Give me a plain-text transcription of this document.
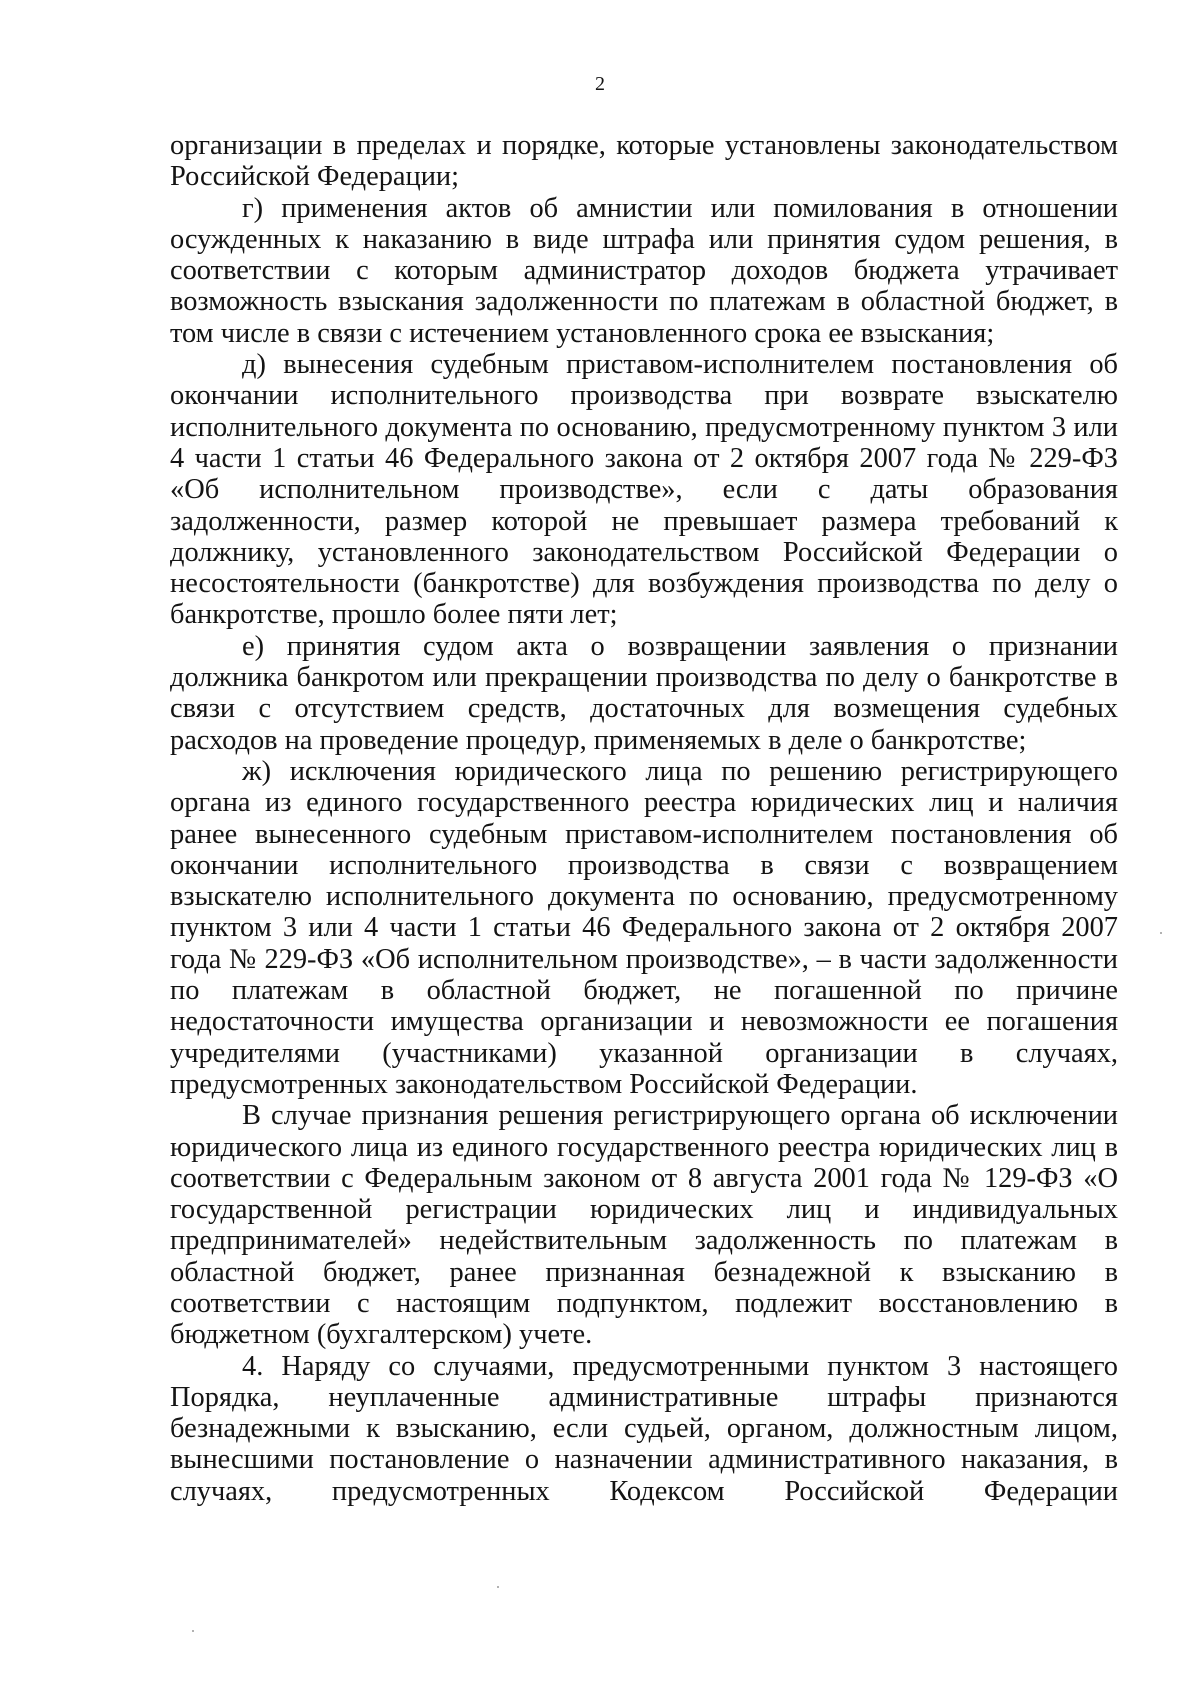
2

организации в пределах и порядке, которые установлены законодательством Российской Федерации;

г) применения актов об амнистии или помилования в отношении осужденных к наказанию в виде штрафа или принятия судом решения, в соответствии с которым администратор доходов бюджета утрачивает возможность взыскания задолженности по платежам в областной бюджет, в том числе в связи с истечением установленного срока ее взыскания;

д) вынесения судебным приставом-исполнителем постановления об окончании исполнительного производства при возврате взыскателю исполнительного документа по основанию, предусмотренному пунктом 3 или 4 части 1 статьи 46 Федерального закона от 2 октября 2007 года № 229-ФЗ «Об исполнительном производстве», если с даты образования задолженности, размер которой не превышает размера требований к должнику, установленного законодательством Российской Федерации о несостоятельности (банкротстве) для возбуждения производства по делу о банкротстве, прошло более пяти лет;

е) принятия судом акта о возвращении заявления о признании должника банкротом или прекращении производства по делу о банкротстве в связи с отсутствием средств, достаточных для возмещения судебных расходов на проведение процедур, применяемых в деле о банкротстве;

ж) исключения юридического лица по решению регистрирующего органа из единого государственного реестра юридических лиц и наличия ранее вынесенного судебным приставом-исполнителем постановления об окончании исполнительного производства в связи с возвращением взыскателю исполнительного документа по основанию, предусмотренному пунктом 3 или 4 части 1 статьи 46 Федерального закона от 2 октября 2007 года № 229-ФЗ «Об исполнительном производстве», – в части задолженности по платежам в областной бюджет, не погашенной по причине недостаточности имущества организации и невозможности ее погашения учредителями (участниками) указанной организации в случаях, предусмотренных законодательством Российской Федерации.

В случае признания решения регистрирующего органа об исключении юридического лица из единого государственного реестра юридических лиц в соответствии с Федеральным законом от 8 августа 2001 года № 129-ФЗ «О государственной регистрации юридических лиц и индивидуальных предпринимателей» недействительным задолженность по платежам в областной бюджет, ранее признанная безнадежной к взысканию в соответствии с настоящим подпунктом, подлежит восстановлению в бюджетном (бухгалтерском) учете.

4. Наряду со случаями, предусмотренными пунктом 3 настоящего Порядка, неуплаченные административные штрафы признаются безнадежными к взысканию, если судьей, органом, должностным лицом, вынесшими постановление о назначении административного наказания, в случаях, предусмотренных Кодексом Российской Федерации
